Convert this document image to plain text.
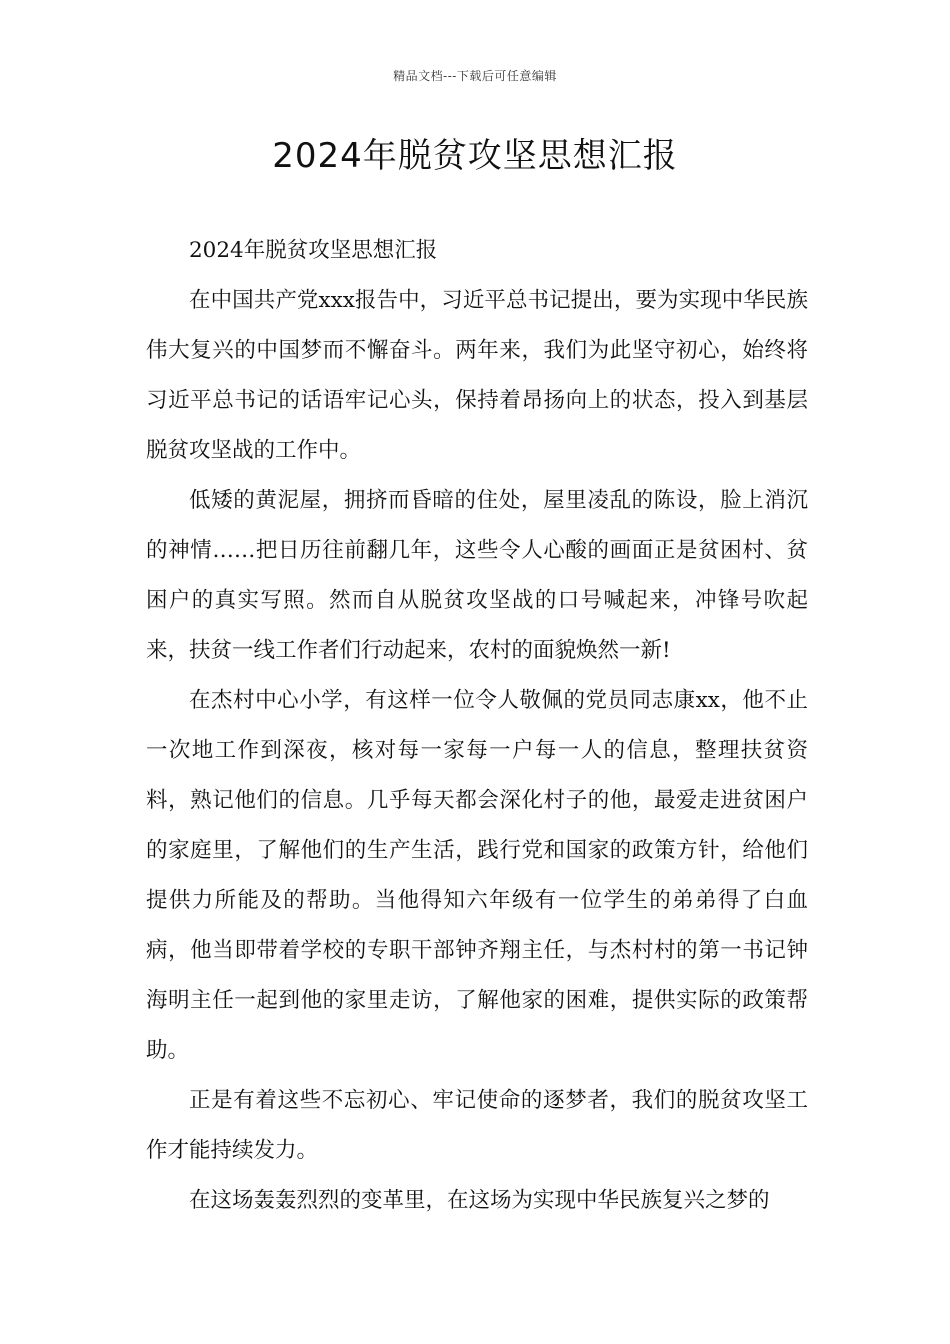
精品文档---下载后可任意编辑
2024年脱贫攻坚思想汇报

2024年脱贫攻坚思想汇报

在中国共产党xxx报告中，习近平总书记提出，要为实现中华民族伟大复兴的中国梦而不懈奋斗。两年来，我们为此坚守初心，始终将习近平总书记的话语牢记心头，保持着昂扬向上的状态，投入到基层脱贫攻坚战的工作中。

低矮的黄泥屋，拥挤而昏暗的住处，屋里凌乱的陈设，脸上消沉的神情……把日历往前翻几年，这些令人心酸的画面正是贫困村、贫困户的真实写照。然而自从脱贫攻坚战的口号喊起来，冲锋号吹起来，扶贫一线工作者们行动起来，农村的面貌焕然一新!

在杰村中心小学，有这样一位令人敬佩的党员同志康xx，他不止一次地工作到深夜，核对每一家每一户每一人的信息，整理扶贫资料，熟记他们的信息。几乎每天都会深化村子的他，最爱走进贫困户的家庭里，了解他们的生产生活，践行党和国家的政策方针，给他们提供力所能及的帮助。当他得知六年级有一位学生的弟弟得了白血病，他当即带着学校的专职干部钟齐翔主任，与杰村村的第一书记钟海明主任一起到他的家里走访，了解他家的困难，提供实际的政策帮助。

正是有着这些不忘初心、牢记使命的逐梦者，我们的脱贫攻坚工作才能持续发力。

在这场轰轰烈烈的变革里，在这场为实现中华民族复兴之梦的
